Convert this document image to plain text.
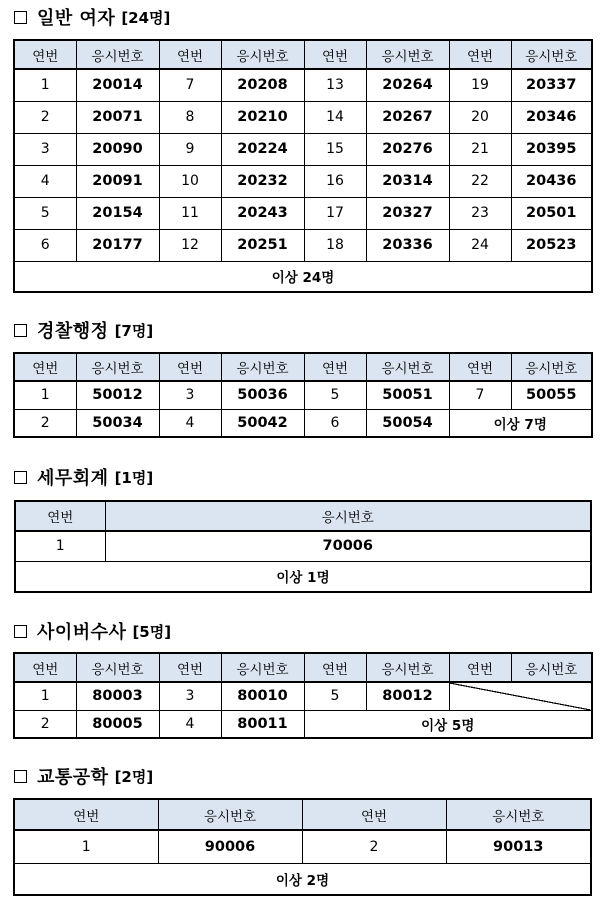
일반 여자 [24명]
연번	응시번호	연번	응시번호	연번	응시번호	연번	응시번호
1	20014	7	20208	13	20264	19	20337
2	20071	8	20210	14	20267	20	20346
3	20090	9	20224	15	20276	21	20395
4	20091	10	20232	16	20314	22	20436
5	20154	11	20243	17	20327	23	20501
6	20177	12	20251	18	20336	24	20523
이상 24명							
경찰행정 [7명]
연번	응시번호	연번	응시번호	연번	응시번호	연번	응시번호
1	50012	3	50036	5	50051	7	50055
2	50034	4	50042	6	50054	이상 7명	
세무회계 [1명]
연번	응시번호
1	70006
이상 1명	
사이버수사 [5명]
연번	응시번호	연번	응시번호	연번	응시번호	연번	응시번호
1	80003	3	80010	5	80012		
2	80005	4	80011	이상 5명			
교통공학 [2명]
연번	응시번호	연번	응시번호
1	90006	2	90013
이상 2명			
